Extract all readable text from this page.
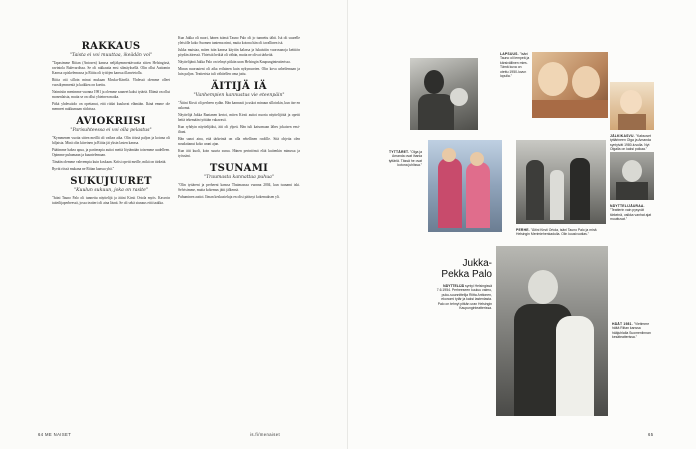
RAKKAUS
"Taista ei voi muuttaa, ikeädän voi"

"Tapasimme Riitan (Antosen) kanssa neljäkymmentävuotta sitten Helsingissä, ravintola Bulevardissa. Se oli rakkautta ensi silmäyksellä. Olin ollut Aattomin Kanssa opiskelemassa ja Riitta oli tyttöjen kanssa illanvietolla.

Riitta otti silloin minut mukaan Mosku-Kärrilä. Yhdessä olemme olleet vuosikymmeniä ja kaikkea on koettu.

Naimisiin menimme vuonna 1981 ja olemme saaneet kaksi tytärtä. Elämä on ollut monenlaista, mutta se on ollut yhteinen matka.

Pitkä yhdessäolo on opettanut, että riidat kuuluvat elämään. Ikinä emme ole menneet nukkumaan riidoissa.

AVIOKRIISI
"Parisuhteessa ei voi olla pelastus"

"Kymmenen vuotta sitten meillä oli vaikea aika. Olin töissä paljon ja kotona oli hiljaista. Minä olin kiireinen ja Riitta jäi yksin lasten kanssa.

Päätimme hakea apua, ja pariterapia auttoi meitä löytämään toisemme uudelleen. Opimme puhumaan ja kuuntelemaan.

Tänään olemme vahvempia kuin koskaan. Kriisi opetti meille, mikä on tärkeää.

Ryvät riissä mukana ne Riitan kanssa yhä."

SUKUJUURET
"Kuulun sukuun, joka on rasite"

"Isäni Tauno Palo oli tunnettu näyttelijä ja äitini Kirsti Ortola myös. Kasvoin taiteilijaperheessä, jossa teatteri oli aina läsnä. Se oli sekä siunaus että taakka.

Kun Jukka oli nuori, hänen isänsä Tauno Palo oli jo tunnettu tähti. Isä oli suurelle yleisölle koko Suomen tuntema nimi, mutta kotona hän oli tavallinen isä.

Jukka muistaa, miten isän kanssa käytiin kalassa ja lukaistiin vuorosanoja keittiön pöydän ääressä. Yhteisiä hetkiä oli vähän, mutta ne olivat tärkeitä.

Näyttelijänä Jukka Palo on tehnyt pitkän uran Helsingin Kaupunginteatterissa.

Minun nuoruuteni oli aika erilainen kuin nykynuorten. Olin kova urheilemaan ja luin paljon. Teatterista tuli vähitellen oma juttu.

ÄITIJÄ IÄ
"Vanhempien kannustus vie eteenpäin"

"Äitini Kirsti oli perheen sydän. Hän kannusti ja uskoi minuun silloinkin, kun itse en uskonut.

Näyttelijä Jukka Rantanen kertoi, miten Kirsti auttoi nuoria näyttelijöitä ja opetti heitä tekemään työtään vakavasti.

Kun ryhdyin näyttelijäksi, äiti oli ylpeä. Hän tuli katsomaan lähes jokaisen ensi-iltani.

Hän sanoi aina, että tärkeintä on olla rehellinen roolille. Sitä ohjetta olen noudattanut koko urani ajan.

Kun äiti kuoli, koin suurta surua. Hänen perintönsä elää kuitenkin minussa ja työssäni.

TSUNAMI
"Traumasta kannattaa puhua"

"Olin tyttäreni ja perheeni kanssa Thaimaassa vuonna 2004, kun tsunami iski. Selvisimme, mutta kokemus jätti jälkensä.

Puhuminen auttoi. Ilman keskusteluja en olisi päässyt kokemuksen yli.

64 ME NAISET	is.fi/menaiset
LAPSUUS. "Isäni Tauno oli lempeä ja kärsivällinen mies. Tämä kuva on otettu 1950-luvun lopulla."
JÄLKIKASVU. "Kaksoset tyttärineen Olga ja Amanda syntyivät 1980-luvulla. Nyt Olgalla on kaksi poikaa."
TYTTÄRET. "Olga ja Amanda ovat ihania tyttäriä. Tässä he ovat kotona juhlissa."
NÄYTTELIJÄURAA. "Teatterin vain pysyvät tärkeinä, vaikka vanhat ajat muuttuvat."
PERHE. "Äitini Kirsti Ortola, isäni Tauno Palo ja minä Helsingin Merimiehenkadulla. Olin kuusivuotias."
Jukka-
Pekka Palo
NÄYTTELIJÄ syntyi Helsingissä 7.6.1954. Perheeseen kuuluu vaimo, puku-suunnittelija Riitta Anttonen, ekonomi tytär ja kaksi lastenlasta. Palo on tehnyt pitkän uran Helsingin Kaupunginteatterissa.
HÄÄT 1981. "Vietimme häitä Riitan kanssa hääjuhlalla Suomenlinnan kesäteatterissa."
65
